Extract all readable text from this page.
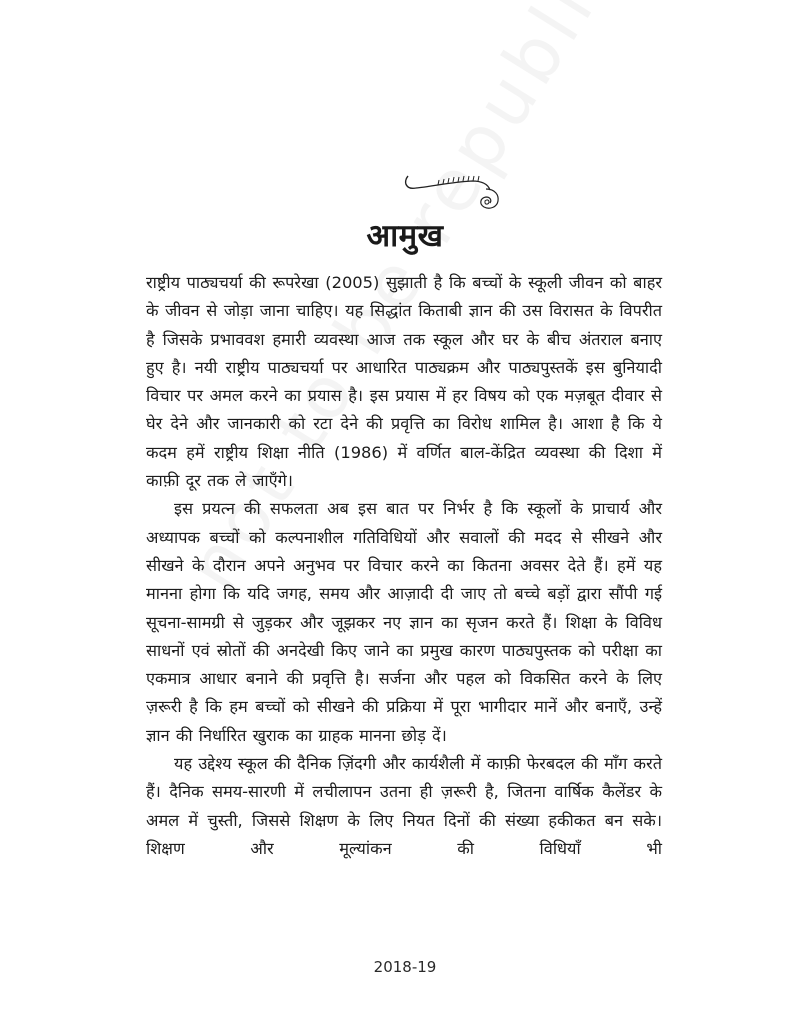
आमुख

राष्ट्रीय पाठ्यचर्या की रूपरेखा (2005) सुझाती है कि बच्चों के स्कूली जीवन को बाहर के जीवन से जोड़ा जाना चाहिए। यह सिद्धांत किताबी ज्ञान की उस विरासत के विपरीत है जिसके प्रभाववश हमारी व्यवस्था आज तक स्कूल और घर के बीच अंतराल बनाए हुए है। नयी राष्ट्रीय पाठ्यचर्या पर आधारित पाठ्यक्रम और पाठ्यपुस्तकें इस बुनियादी विचार पर अमल करने का प्रयास है। इस प्रयास में हर विषय को एक मज़बूत दीवार से घेर देने और जानकारी को रटा देने की प्रवृत्ति का विरोध शामिल है। आशा है कि ये कदम हमें राष्ट्रीय शिक्षा नीति (1986) में वर्णित बाल-केंद्रित व्यवस्था की दिशा में काफ़ी दूर तक ले जाएँगे।

इस प्रयत्न की सफलता अब इस बात पर निर्भर है कि स्कूलों के प्राचार्य और अध्यापक बच्चों को कल्पनाशील गतिविधियों और सवालों की मदद से सीखने और सीखने के दौरान अपने अनुभव पर विचार करने का कितना अवसर देते हैं। हमें यह मानना होगा कि यदि जगह, समय और आज़ादी दी जाए तो बच्चे बड़ों द्वारा सौंपी गई सूचना-सामग्री से जुड़कर और जूझकर नए ज्ञान का सृजन करते हैं। शिक्षा के विविध साधनों एवं स्रोतों की अनदेखी किए जाने का प्रमुख कारण पाठ्यपुस्तक को परीक्षा का एकमात्र आधार बनाने की प्रवृत्ति है। सर्जना और पहल को विकसित करने के लिए ज़रूरी है कि हम बच्चों को सीखने की प्रक्रिया में पूरा भागीदार मानें और बनाएँ, उन्हें ज्ञान की निर्धारित खुराक का ग्राहक मानना छोड़ दें।

यह उद्देश्य स्कूल की दैनिक ज़िंदगी और कार्यशैली में काफ़ी फेरबदल की माँग करते हैं। दैनिक समय-सारणी में लचीलापन उतना ही ज़रूरी है, जितना वार्षिक कैलेंडर के अमल में चुस्ती, जिससे शिक्षण के लिए नियत दिनों की संख्या हकीकत बन सके। शिक्षण और मूल्यांकन की विधियाँ भी

2018-19
